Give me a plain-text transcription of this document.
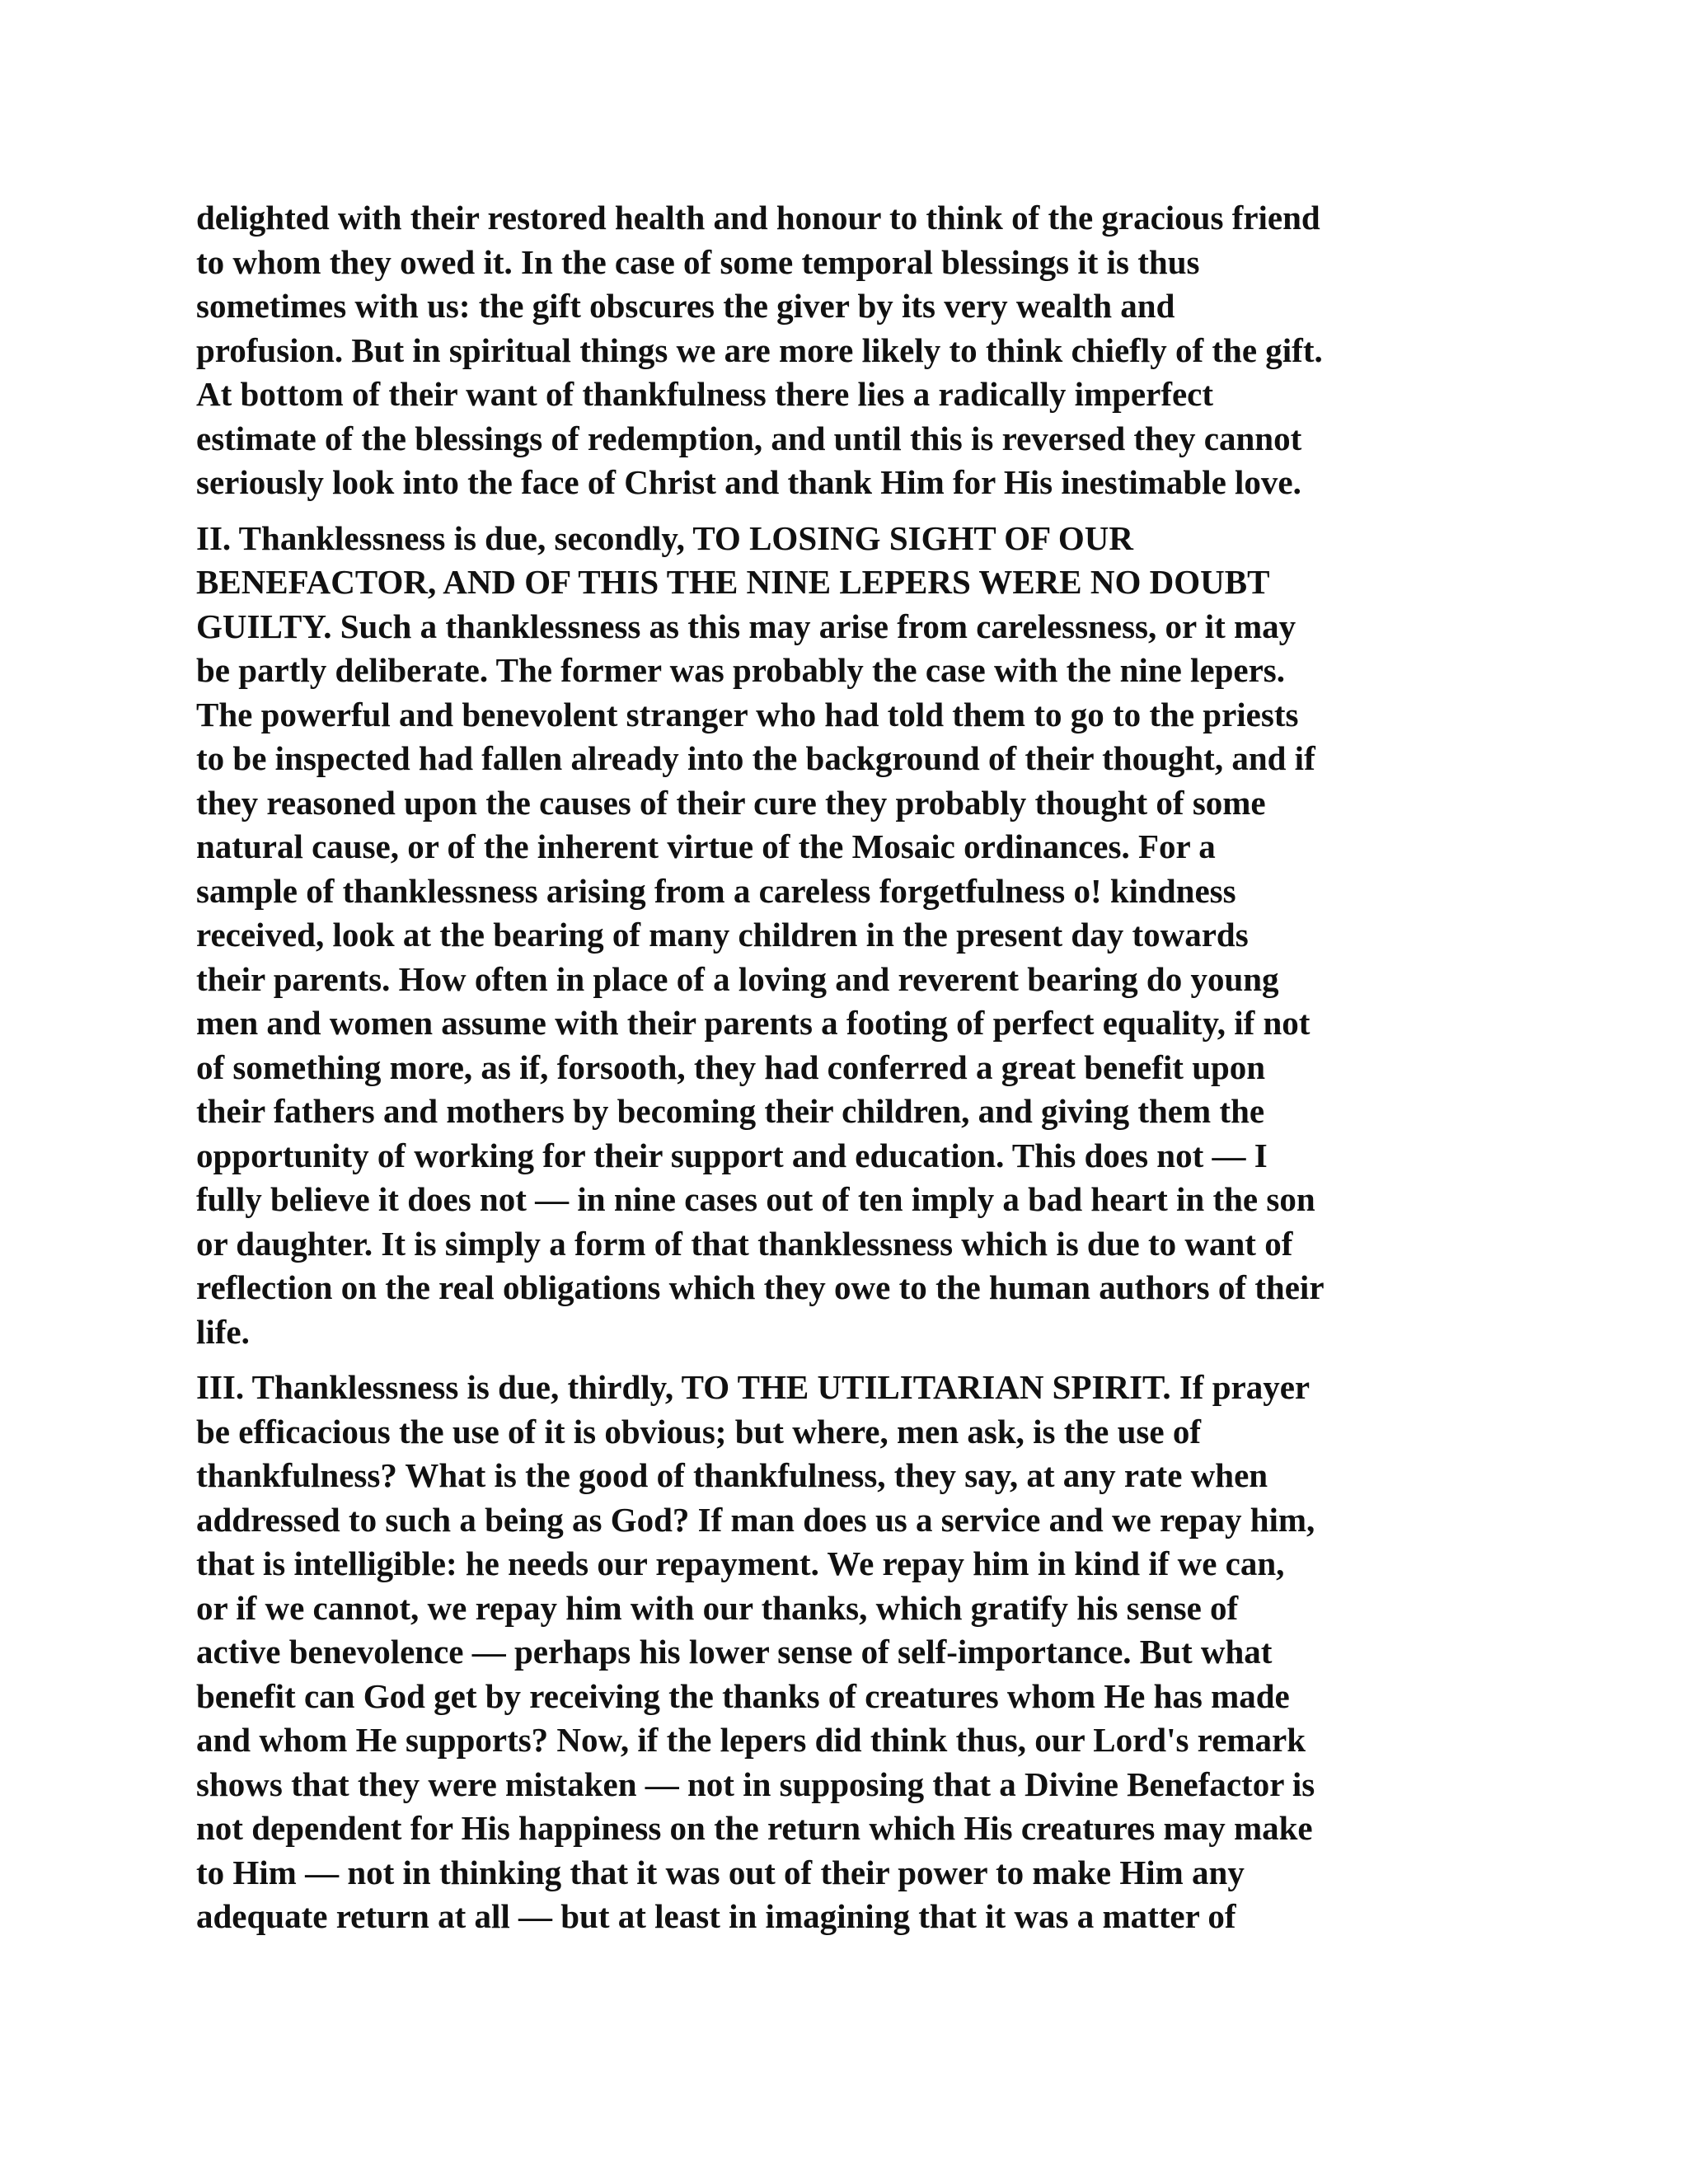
delighted with their restored health and honour to think of the gracious friend
to whom they owed it. In the case of some temporal blessings it is thus
sometimes with us: the gift obscures the giver by its very wealth and
profusion. But in spiritual things we are more likely to think chiefly of the gift.
At bottom of their want of thankfulness there lies a radically imperfect
estimate of the blessings of redemption, and until this is reversed they cannot
seriously look into the face of Christ and thank Him for His inestimable love.
II. Thanklessness is due, secondly, TO LOSING SIGHT OF OUR
BENEFACTOR, AND OF THIS THE NINE LEPERS WERE NO DOUBT
GUILTY. Such a thanklessness as this may arise from carelessness, or it may
be partly deliberate. The former was probably the case with the nine lepers.
The powerful and benevolent stranger who had told them to go to the priests
to be inspected had fallen already into the background of their thought, and if
they reasoned upon the causes of their cure they probably thought of some
natural cause, or of the inherent virtue of the Mosaic ordinances. For a
sample of thanklessness arising from a careless forgetfulness o! kindness
received, look at the bearing of many children in the present day towards
their parents. How often in place of a loving and reverent bearing do young
men and women assume with their parents a footing of perfect equality, if not
of something more, as if, forsooth, they had conferred a great benefit upon
their fathers and mothers by becoming their children, and giving them the
opportunity of working for their support and education. This does not — I
fully believe it does not — in nine cases out of ten imply a bad heart in the son
or daughter. It is simply a form of that thanklessness which is due to want of
reflection on the real obligations which they owe to the human authors of their
life.
III. Thanklessness is due, thirdly, TO THE UTILITARIAN SPIRIT. If prayer
be efficacious the use of it is obvious; but where, men ask, is the use of
thankfulness? What is the good of thankfulness, they say, at any rate when
addressed to such a being as God? If man does us a service and we repay him,
that is intelligible: he needs our repayment. We repay him in kind if we can,
or if we cannot, we repay him with our thanks, which gratify his sense of
active benevolence — perhaps his lower sense of self-importance. But what
benefit can God get by receiving the thanks of creatures whom He has made
and whom He supports? Now, if the lepers did think thus, our Lord's remark
shows that they were mistaken — not in supposing that a Divine Benefactor is
not dependent for His happiness on the return which His creatures may make
to Him — not in thinking that it was out of their power to make Him any
adequate return at all — but at least in imagining that it was a matter of
